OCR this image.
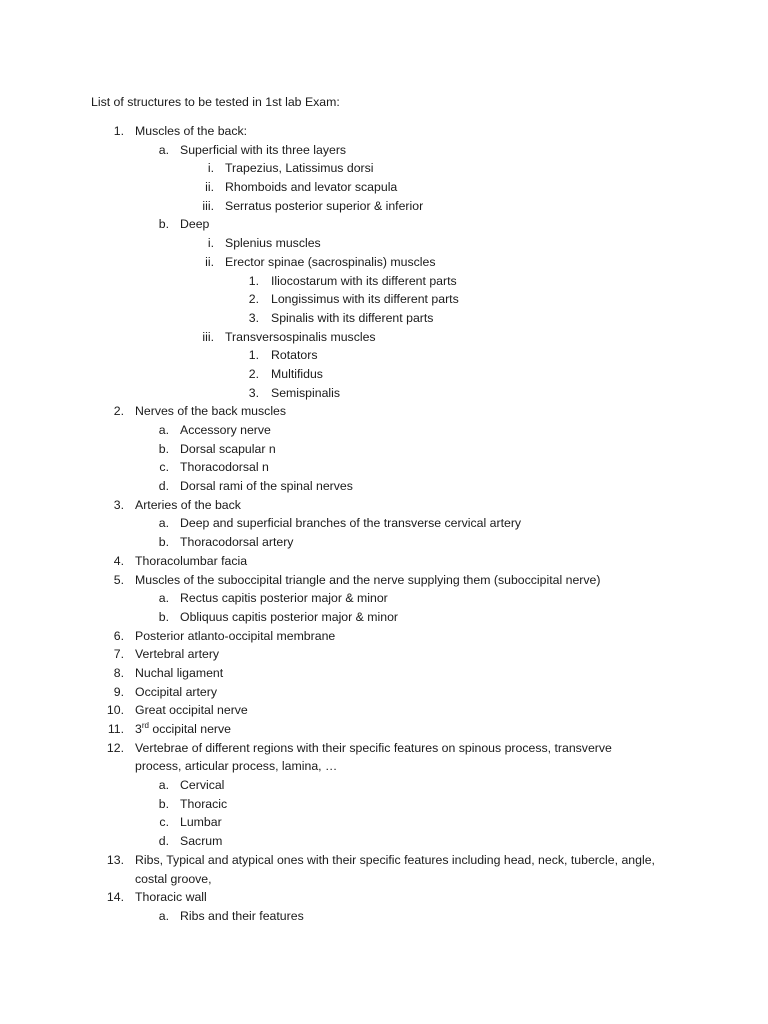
List of structures to be tested in 1st lab Exam:
1. Muscles of the back:
a. Superficial with its three layers
i. Trapezius, Latissimus dorsi
ii. Rhomboids and levator scapula
iii. Serratus posterior superior & inferior
b. Deep
i. Splenius muscles
ii. Erector spinae (sacrospinalis) muscles
1. Iliocostarum with its different parts
2. Longissimus with its different parts
3. Spinalis with its different parts
iii. Transversospinalis muscles
1. Rotators
2. Multifidus
3. Semispinalis
2. Nerves of the back muscles
a. Accessory nerve
b. Dorsal scapular n
c. Thoracodorsal n
d. Dorsal rami of the spinal nerves
3. Arteries of the back
a. Deep and superficial branches of the transverse cervical artery
b. Thoracodorsal artery
4. Thoracolumbar facia
5. Muscles of the suboccipital triangle and the nerve supplying them (suboccipital nerve)
a. Rectus capitis posterior major & minor
b. Obliquus capitis posterior major & minor
6. Posterior atlanto-occipital membrane
7. Vertebral artery
8. Nuchal ligament
9. Occipital artery
10. Great occipital nerve
11. 3rd occipital nerve
12. Vertebrae of different regions with their specific features on spinous process, transverve
process, articular process, lamina, …
a. Cervical
b. Thoracic
c. Lumbar
d. Sacrum
13. Ribs, Typical and atypical ones with their specific features including head, neck, tubercle, angle,
costal groove,
14. Thoracic wall
a. Ribs and their features
